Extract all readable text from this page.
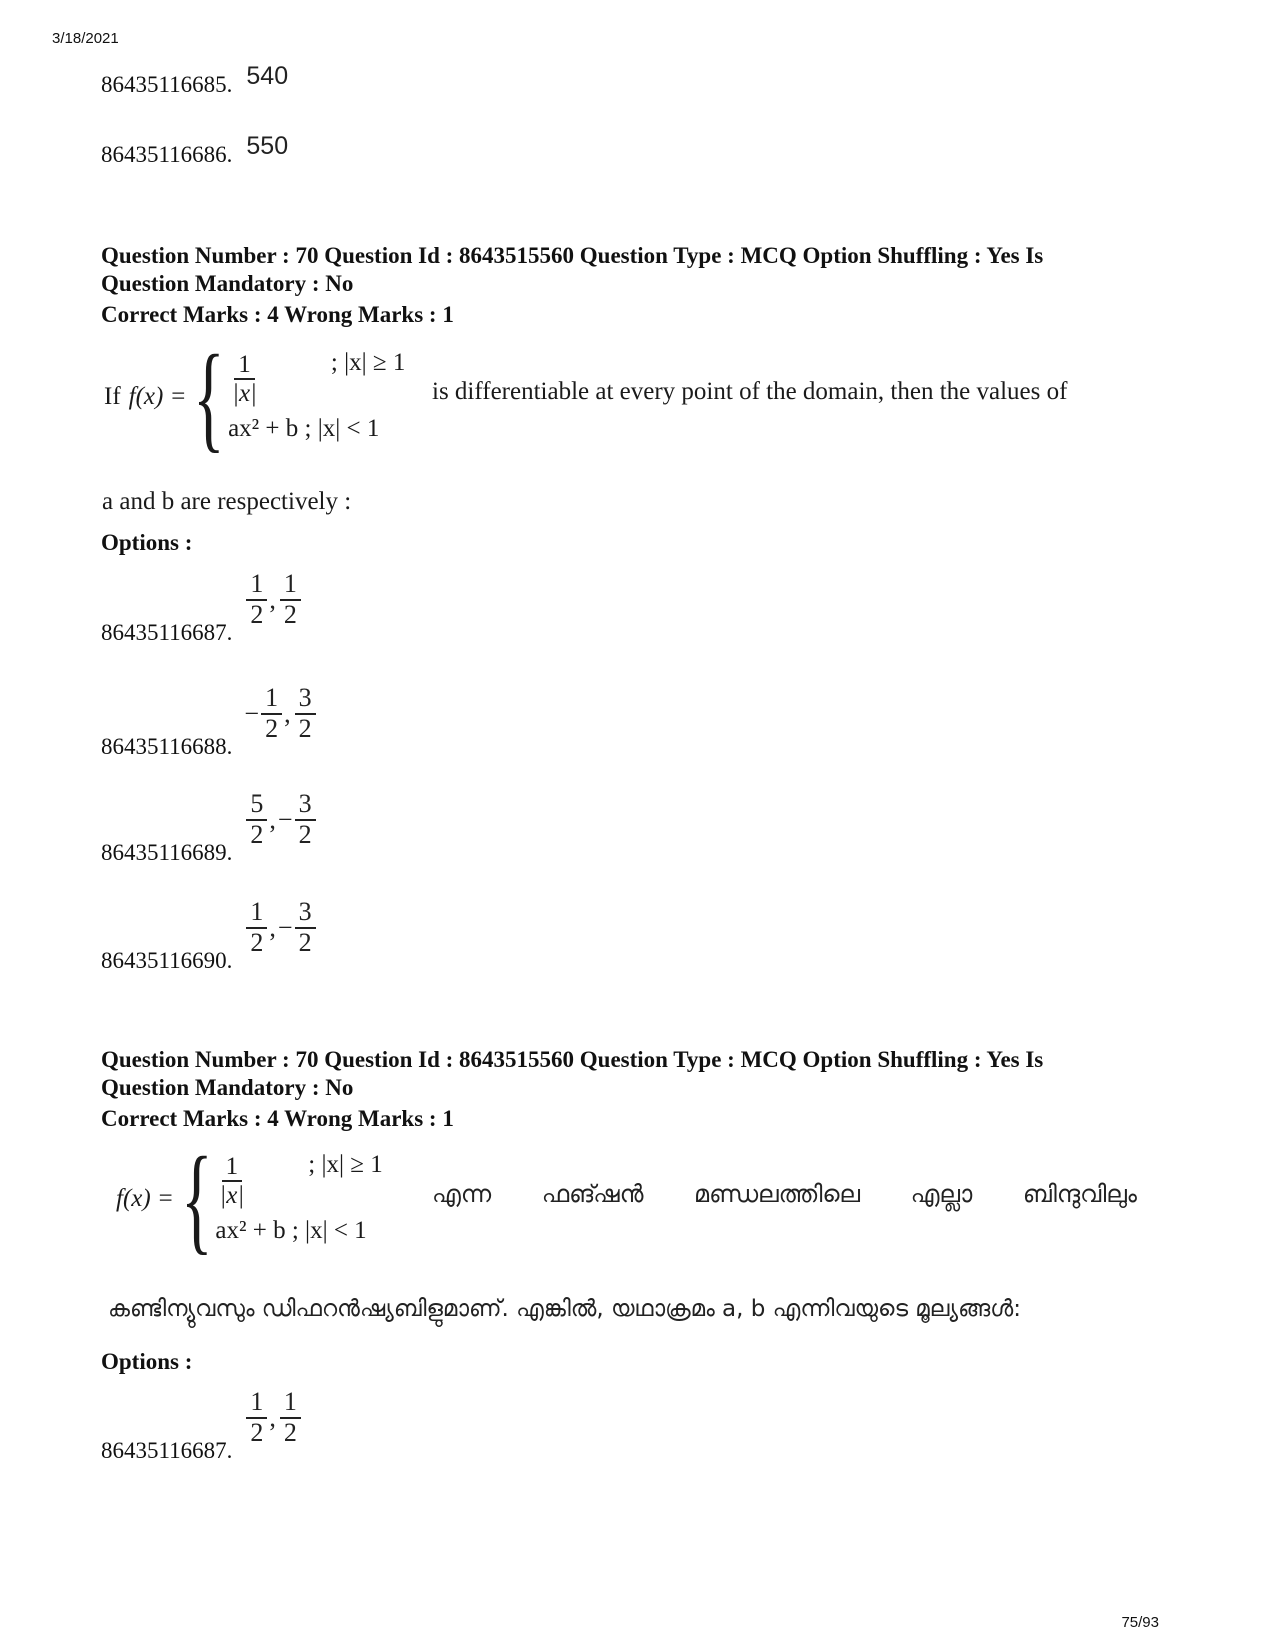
3/18/2021
86435116685. 540
86435116686. 550
Question Number : 70 Question Id : 8643515560 Question Type : MCQ Option Shuffling : Yes Is
Question Mandatory : No
Correct Marks : 4 Wrong Marks : 1
If f(x) = { $\frac{1}{|x|}$	; |x| ≥ 1
ax² + b ; |x| < 1
is differentiable at every point of the domain, then the values of
a and b are respectively :
Options :
86435116687.
$\frac{1}{2}$ , $\frac{1}{2}$
86435116688.
− $\frac{1}{2}$ , $\frac{3}{2}$
86435116689.
$\frac{5}{2}$ , − $\frac{3}{2}$
86435116690.
$\frac{1}{2}$ , − $\frac{3}{2}$
Question Number : 70 Question Id : 8643515560 Question Type : MCQ Option Shuffling : Yes Is
Question Mandatory : No
Correct Marks : 4 Wrong Marks : 1
f(x) = { $\frac{1}{|x|}$ ; |x| ≥ 1
ax² + b ; |x| < 1
എന്ന ഫങ്ഷൻ മണ്ഡലത്തിലെ എല്ലാ ബിന്ദുവിലും
കണ്ടിന്യുവസും ഡിഫറൻഷ്യബിളുമാണ്. എങ്കിൽ, യഥാക്രമം a, b എന്നിവയുടെ മൂല്യങ്ങൾ:
Options :
86435116687.
$\frac{1}{2}$ , $\frac{1}{2}$
75/93
